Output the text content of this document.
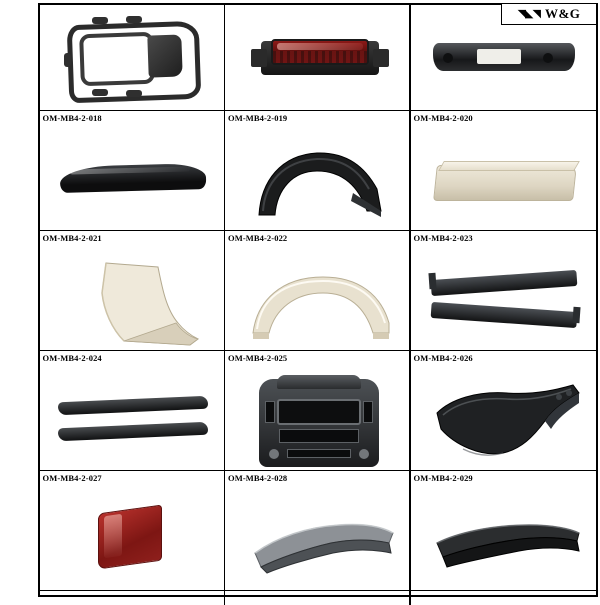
◥◣◥ W&G
OM-MB4-2-018	OM-MB4-2-019	OM-MB4-2-020
OM-MB4-2-021	OM-MB4-2-022	OM-MB4-2-023
OM-MB4-2-024	OM-MB4-2-025	OM-MB4-2-026
OM-MB4-2-027	OM-MB4-2-028	OM-MB4-2-029
